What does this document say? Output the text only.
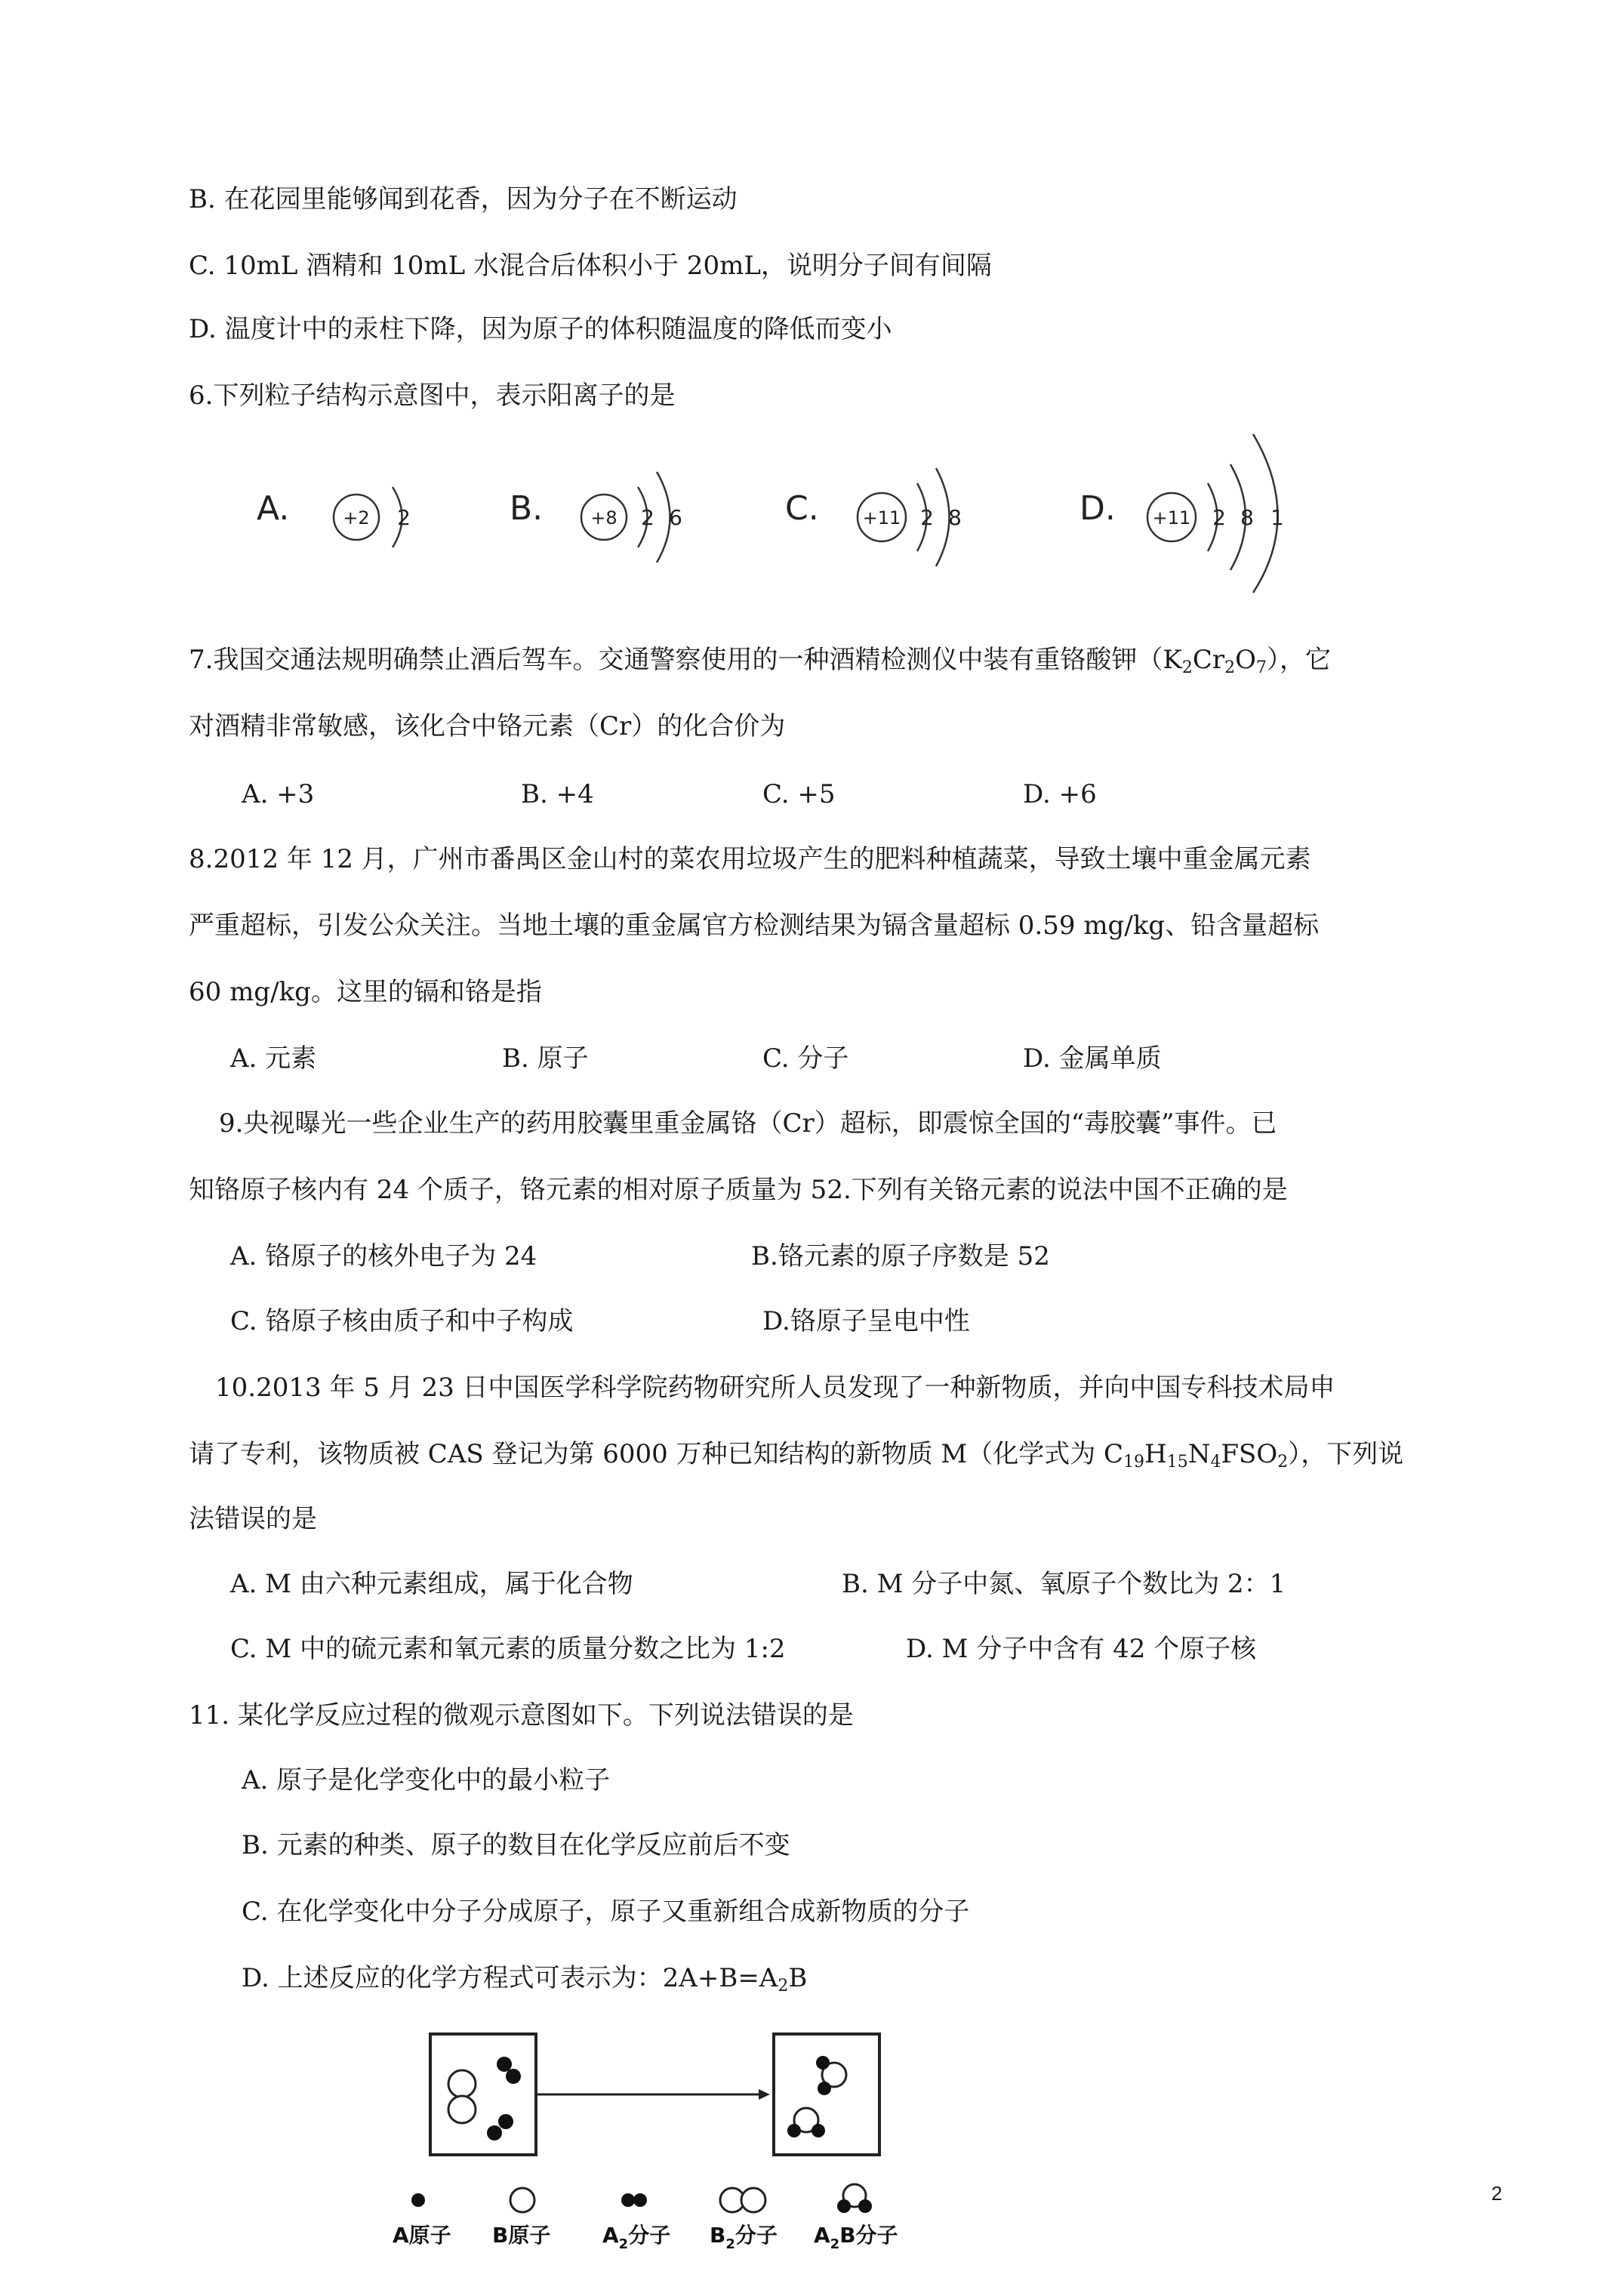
B. 在花园里能够闻到花香，因为分子在不断运动
C. 10mL 酒精和 10mL 水混合后体积小于 20mL，说明分子间有间隔
D. 温度计中的汞柱下降，因为原子的体积随温度的降低而变小
6.下列粒子结构示意图中，表示阳离子的是
A.	+2 2	B.	+8 2 6	C. +11 2 8	D. +11 2 8 1
7.我国交通法规明确禁止酒后驾车。交通警察使用的一种酒精检测仪中装有重铬酸钾$(K_2Cr_2O_7)$，它
对酒精非常敏感，该化合中铬元素（Cr）的化合价为
A. +3	B. +4	C. +5	D. +6
8.2012 年 12 月，广州市番禺区金山村的菜农用垃圾产生的肥料种植蔬菜，导致土壤中重金属元素
严重超标，引发公众关注。当地土壤的重金属官方检测结果为镉含量超标 0.59 mg/kg、铅含量超标
60 mg/kg。这里的镉和铬是指
A. 元素	B. 原子	C. 分子	D. 金属单质
9.央视曝光一些企业生产的药用胶囊里重金属铬（Cr）超标，即震惊全国的“毒胶囊”事件。已
知铬原子核内有 24 个质子，铬元素的相对原子质量为 52.下列有关铬元素的说法中国不正确的是
A. 铬原子的核外电子为 24	B.铬元素的原子序数是 52
C. 铬原子核由质子和中子构成	D.铬原子呈电中性
10.2013 年 5 月 23 日中国医学科学院药物研究所人员发现了一种新物质，并向中国专科技术局申
请了专利，该物质被 CAS 登记为第 6000 万种已知结构的新物质 M（化学式为 $C_{19}H_{15}N_4FSO_2$），下列说
法错误的是
A. M 由六种元素组成，属于化合物	B. M 分子中氮、氧原子个数比为 2：1
C. M 中的硫元素和氧元素的质量分数之比为 1:2	D. M 分子中含有 42 个原子核
11. 某化学反应过程的微观示意图如下。下列说法错误的是
A. 原子是化学变化中的最小粒子
B. 元素的种类、原子的数目在化学反应前后不变
C. 在化学变化中分子分成原子，原子又重新组合成新物质的分子
D. 上述反应的化学方程式可表示为：$2A+B=A_2B$
A原子 B原子 $A_2$分子 $B_2$分子 $A_2B$分子
2
